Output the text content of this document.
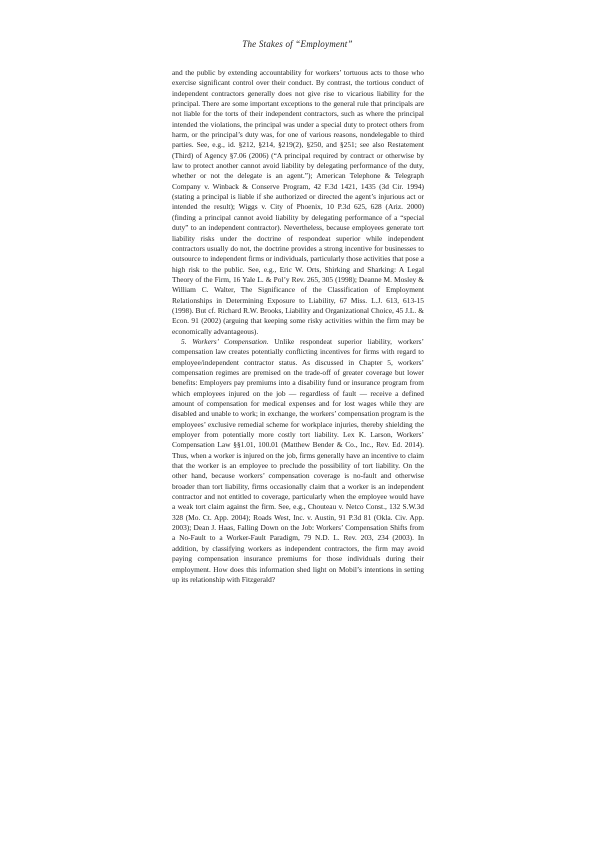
The Stakes of “Employment”

and the public by extending accountability for workers’ tortuous acts to those who exercise significant control over their conduct. By contrast, the tortious conduct of independent contractors generally does not give rise to vicarious liability for the principal. There are some important exceptions to the general rule that principals are not liable for the torts of their independent contractors, such as where the principal intended the violations, the principal was under a special duty to protect others from harm, or the principal’s duty was, for one of various reasons, nondelegable to third parties. See, e.g., id. §212, §214, §219(2), §250, and §251; see also Restatement (Third) of Agency §7.06 (2006) (“A principal required by contract or otherwise by law to protect another cannot avoid liability by delegating performance of the duty, whether or not the delegate is an agent.”); American Telephone & Telegraph Company v. Winback & Conserve Program, 42 F.3d 1421, 1435 (3d Cir. 1994) (stating a principal is liable if she authorized or directed the agent’s injurious act or intended the result); Wiggs v. City of Phoenix, 10 P.3d 625, 628 (Ariz. 2000) (finding a principal cannot avoid liability by delegating performance of a “special duty” to an independent contractor). Nevertheless, because employees generate tort liability risks under the doctrine of respondeat superior while independent contractors usually do not, the doctrine provides a strong incentive for businesses to outsource to independent firms or individuals, particularly those activities that pose a high risk to the public. See, e.g., Eric W. Orts, Shirking and Sharking: A Legal Theory of the Firm, 16 Yale L. & Pol’y Rev. 265, 305 (1998); Deanne M. Mosley & William C. Walter, The Significance of the Classification of Employment Relationships in Determining Exposure to Liability, 67 Miss. L.J. 613, 613-15 (1998). But cf. Richard R.W. Brooks, Liability and Organizational Choice, 45 J.L. & Econ. 91 (2002) (arguing that keeping some risky activities within the firm may be economically advantageous).

5. Workers’ Compensation. Unlike respondeat superior liability, workers’ compensation law creates potentially conflicting incentives for firms with regard to employee/independent contractor status. As discussed in Chapter 5, workers’ compensation regimes are premised on the trade-off of greater coverage but lower benefits: Employers pay premiums into a disability fund or insurance program from which employees injured on the job — regardless of fault — receive a defined amount of compensation for medical expenses and for lost wages while they are disabled and unable to work; in exchange, the workers’ compensation program is the employees’ exclusive remedial scheme for workplace injuries, thereby shielding the employer from potentially more costly tort liability. Lex K. Larson, Workers’ Compensation Law §§1.01, 100.01 (Matthew Bender & Co., Inc., Rev. Ed. 2014). Thus, when a worker is injured on the job, firms generally have an incentive to claim that the worker is an employee to preclude the possibility of tort liability. On the other hand, because workers’ compensation coverage is no-fault and otherwise broader than tort liability, firms occasionally claim that a worker is an independent contractor and not entitled to coverage, particularly when the employee would have a weak tort claim against the firm. See, e.g., Chouteau v. Netco Const., 132 S.W.3d 328 (Mo. Ct. App. 2004); Roads West, Inc. v. Austin, 91 P.3d 81 (Okla. Civ. App. 2003); Dean J. Haas, Falling Down on the Job: Workers’ Compensation Shifts from a No-Fault to a Worker-Fault Paradigm, 79 N.D. L. Rev. 203, 234 (2003). In addition, by classifying workers as independent contractors, the firm may avoid paying compensation insurance premiums for those individuals during their employment. How does this information shed light on Mobil’s intentions in setting up its relationship with Fitzgerald?
